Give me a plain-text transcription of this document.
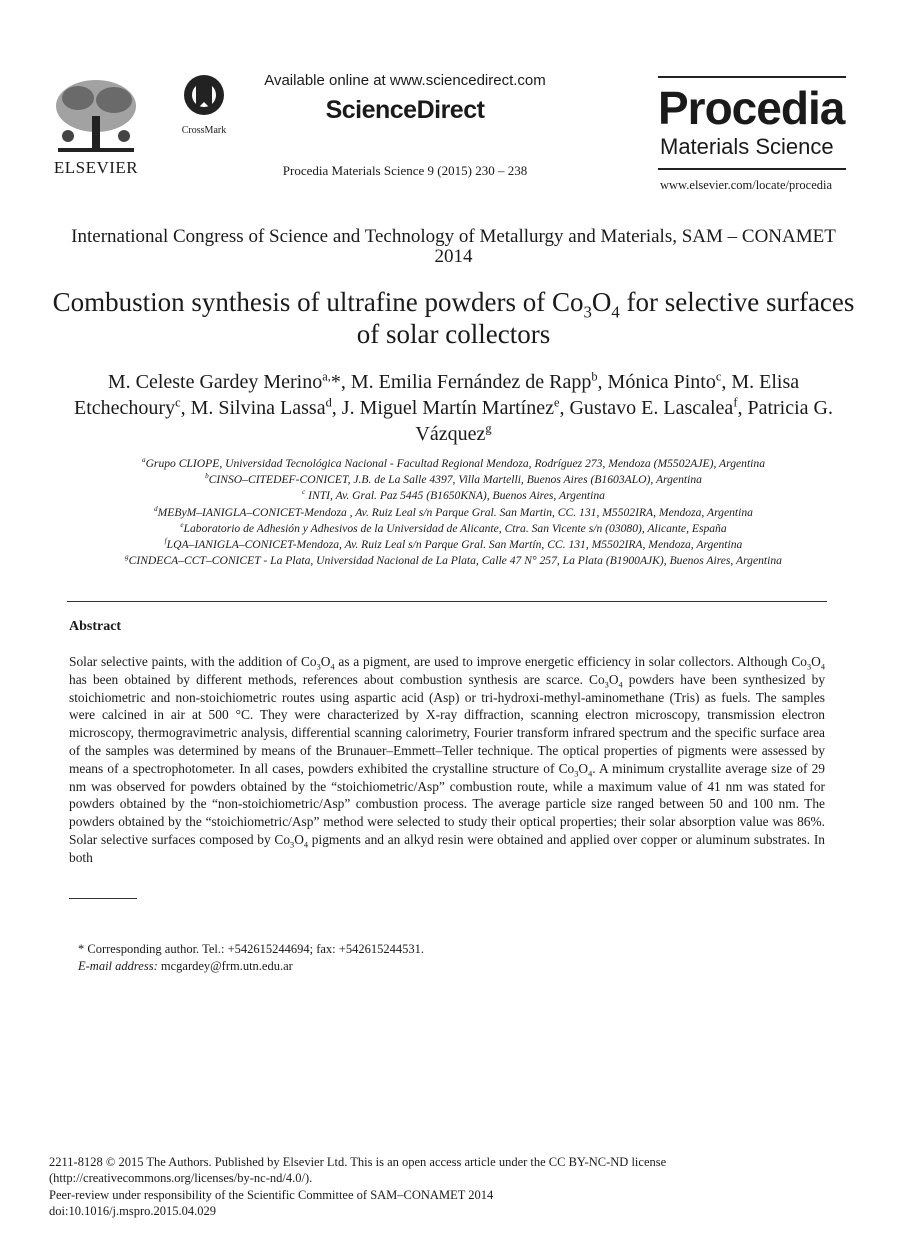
ELSEVIER
CrossMark
Available online at www.sciencedirect.com
ScienceDirect
Procedia Materials Science 9 (2015) 230 – 238
Procedia
Materials Science
www.elsevier.com/locate/procedia
International Congress of Science and Technology of Metallurgy and Materials, SAM – CONAMET 2014
Combustion synthesis of ultrafine powders of $Co_3O_4$ for selective surfaces of solar collectors
M. Celeste Gardey Merino$^{a,}$*, M. Emilia Fernández de Rapp$^b$, Mónica Pinto$^c$, M. Elisa Etchechoury$^c$, M. Silvina Lassa$^d$, J. Miguel Martín Martínez$^e$, Gustavo E. Lascalea$^f$, Patricia G. Vázquez$^g$
$^a$Grupo CLIOPE, Universidad Tecnológica Nacional - Facultad Regional Mendoza, Rodríguez 273, Mendoza (M5502AJE), Argentina
$^b$CINSO–CITEDEF-CONICET, J.B. de La Salle 4397, Villa Martelli, Buenos Aires (B1603ALO), Argentina
$^c$ INTI, Av. Gral. Paz 5445 (B1650KNA), Buenos Aires, Argentina
$^d$MEByM–IANIGLA–CONICET-Mendoza , Av. Ruiz Leal s/n Parque Gral. San Martin, CC. 131, M5502IRA, Mendoza, Argentina
$^e$Laboratorio de Adhesión y Adhesivos de la Universidad de Alicante, Ctra. San Vicente s/n (03080), Alicante, España
$^f$LQA–IANIGLA–CONICET-Mendoza, Av. Ruiz Leal s/n Parque Gral. San Martín, CC. 131, M5502IRA, Mendoza, Argentina
$^g$CINDECA–CCT–CONICET - La Plata, Universidad Nacional de La Plata, Calle 47 N° 257, La Plata (B1900AJK), Buenos Aires, Argentina
Abstract
Solar selective paints, with the addition of $Co_3O_4$ as a pigment, are used to improve energetic efficiency in solar collectors. Although $Co_3O_4$ has been obtained by different methods, references about combustion synthesis are scarce. $Co_3O_4$ powders have been synthesized by stoichiometric and non-stoichiometric routes using aspartic acid (Asp) or tri-hydroxi-methyl-aminomethane (Tris) as fuels. The samples were calcined in air at 500 °C. They were characterized by X-ray diffraction, scanning electron microscopy, transmission electron microscopy, thermogravimetric analysis, differential scanning calorimetry, Fourier transform infrared spectrum and the specific surface area of the samples was determined by means of the Brunauer–Emmett–Teller technique. The optical properties of pigments were assessed by means of a spectrophotometer. In all cases, powders exhibited the crystalline structure of $Co_3O_4$. A minimum crystallite average size of 29 nm was observed for powders obtained by the “stoichiometric/Asp” combustion route, while a maximum value of 41 nm was stated for powders obtained by the “non-stoichiometric/Asp” combustion process. The average particle size ranged between 50 and 100 nm. The powders obtained by the “stoichiometric/Asp” method were selected to study their optical properties; their solar absorption value was 86%. Solar selective surfaces composed by $Co_3O_4$ pigments and an alkyd resin were obtained and applied over copper or aluminum substrates. In both
* Corresponding author. Tel.: +542615244694; fax: +542615244531.
E-mail address: mcgardey@frm.utn.edu.ar
2211-8128 © 2015 The Authors. Published by Elsevier Ltd. This is an open access article under the CC BY-NC-ND license
(http://creativecommons.org/licenses/by-nc-nd/4.0/).
Peer-review under responsibility of the Scientific Committee of SAM–CONAMET 2014
doi:10.1016/j.mspro.2015.04.029
